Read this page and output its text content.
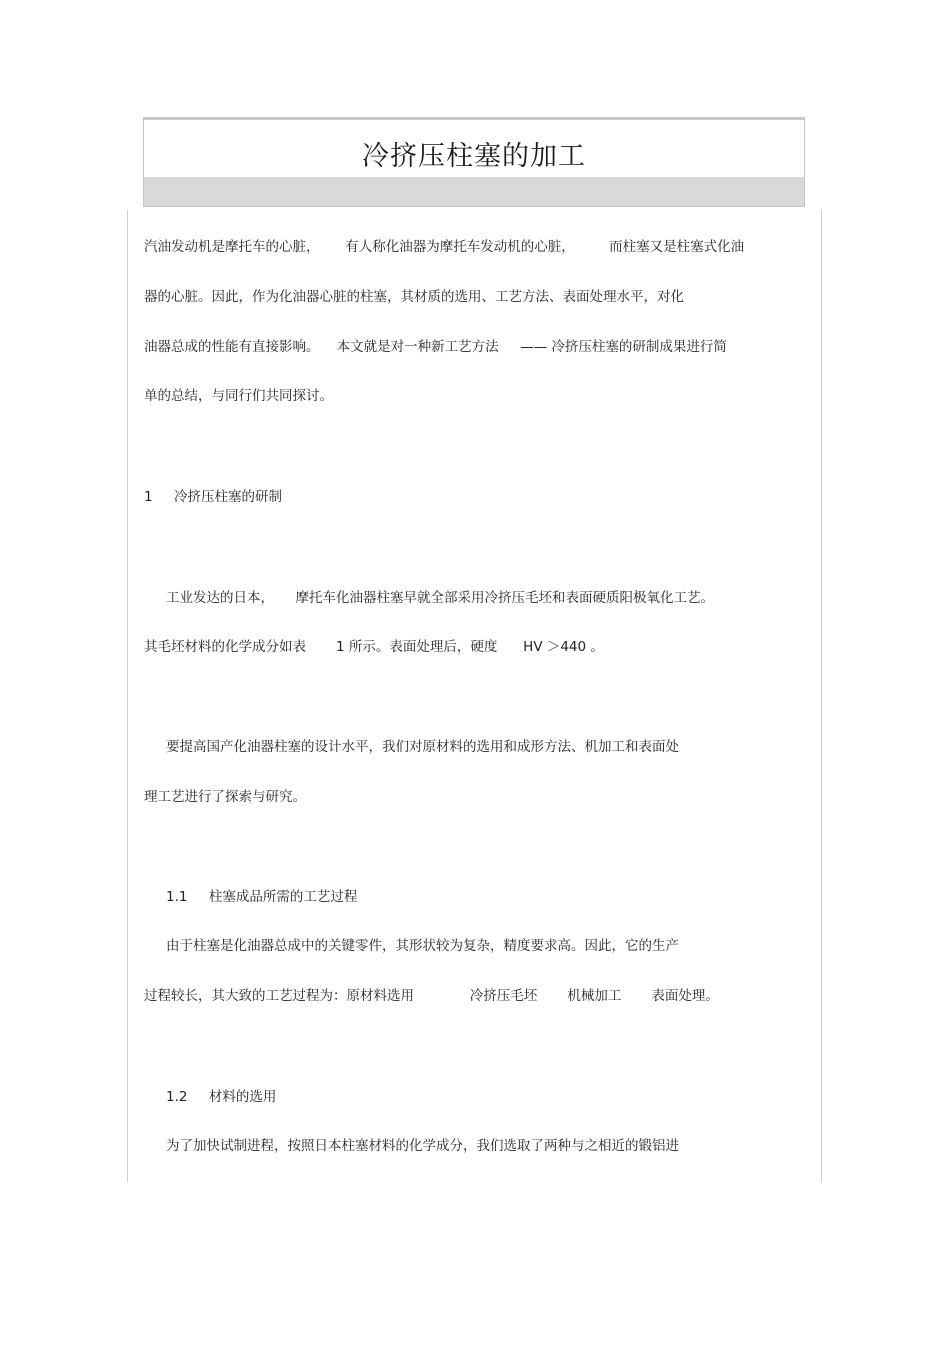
冷挤压柱塞的加工
汽油发动机是摩托车的心脏，      有人称化油器为摩托车发动机的心脏，        而柱塞又是柱塞式化油
器的心脏。因此，作为化油器心脏的柱塞，其材质的选用、工艺方法、表面处理水平，对化
油器总成的性能有直接影响。    本文就是对一种新工艺方法     —— 冷挤压柱塞的研制成果进行简
单的总结，与同行们共同探讨。
1     冷挤压柱塞的研制
工业发达的日本，     摩托车化油器柱塞早就全部采用冷挤压毛坯和表面硬质阳极氧化工艺。
其毛坯材料的化学成分如表       1 所示。表面处理后，硬度      HV ＞440 。
要提高国产化油器柱塞的设计水平，我们对原材料的选用和成形方法、机加工和表面处
理工艺进行了探索与研究。
1.1     柱塞成品所需的工艺过程
由于柱塞是化油器总成中的关键零件，其形状较为复杂，精度要求高。因此，它的生产
过程较长，其大致的工艺过程为：原材料选用             冷挤压毛坯       机械加工       表面处理。
1.2     材料的选用
为了加快试制进程，按照日本柱塞材料的化学成分，我们选取了两种与之相近的锻铝进
